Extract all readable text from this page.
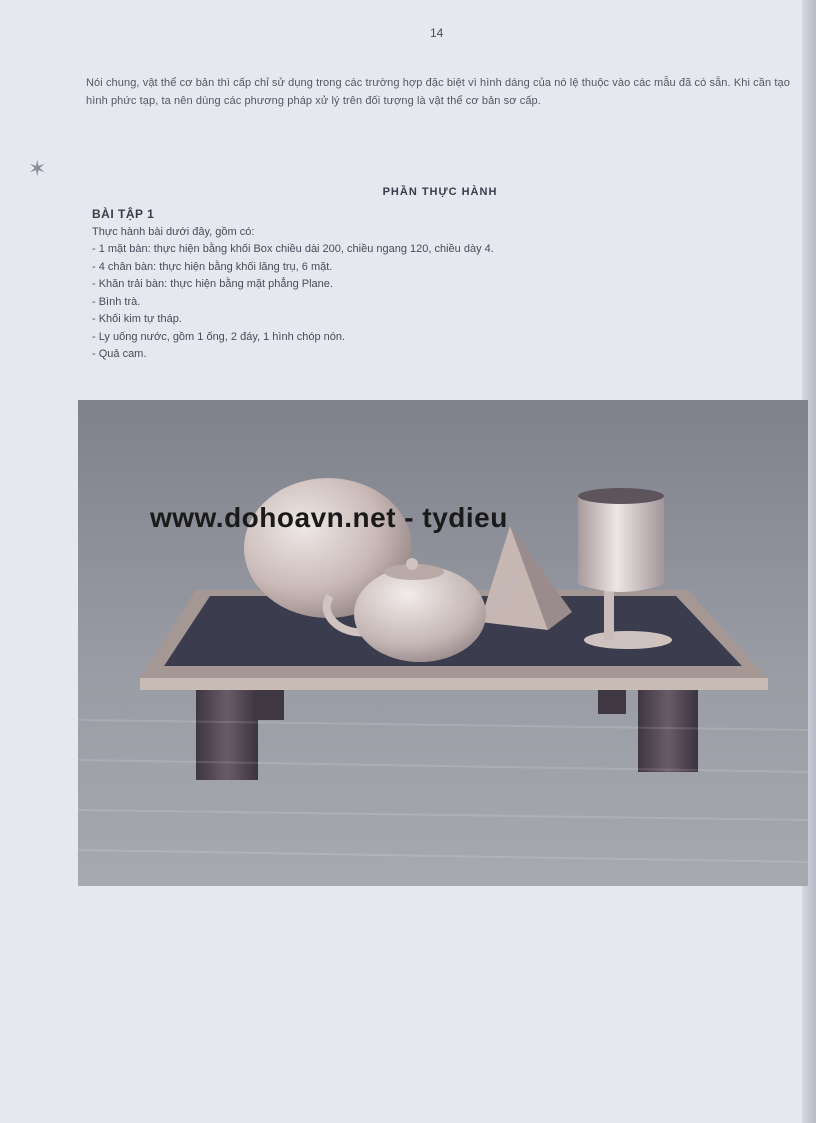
14
✶
Nói chung, vật thể cơ bản thì cấp chỉ sử dụng trong các trường hợp đặc biệt vì hình dáng của nó lệ thuộc vào các mẫu đã có sẵn. Khi cần tạo hình phức tạp, ta nên dùng các phương pháp xử lý trên đối tượng là vật thể cơ bản sơ cấp.
PHẦN THỰC HÀNH
BÀI TẬP 1
Thực hành bài dưới đây, gồm có:
- 1 mặt bàn: thực hiện bằng khối Box chiều dài 200, chiều ngang 120, chiều dày 4.
- 4 chân bàn: thực hiện bằng khối lăng trụ, 6 mặt.
- Khăn trải bàn: thực hiện bằng mặt phẳng Plane.
- Bình trà.
- Khối kim tự tháp.
- Ly uống nước, gồm 1 ống, 2 đáy, 1 hình chóp nón.
- Quả cam.
www.dohoavn.net - tydieu
